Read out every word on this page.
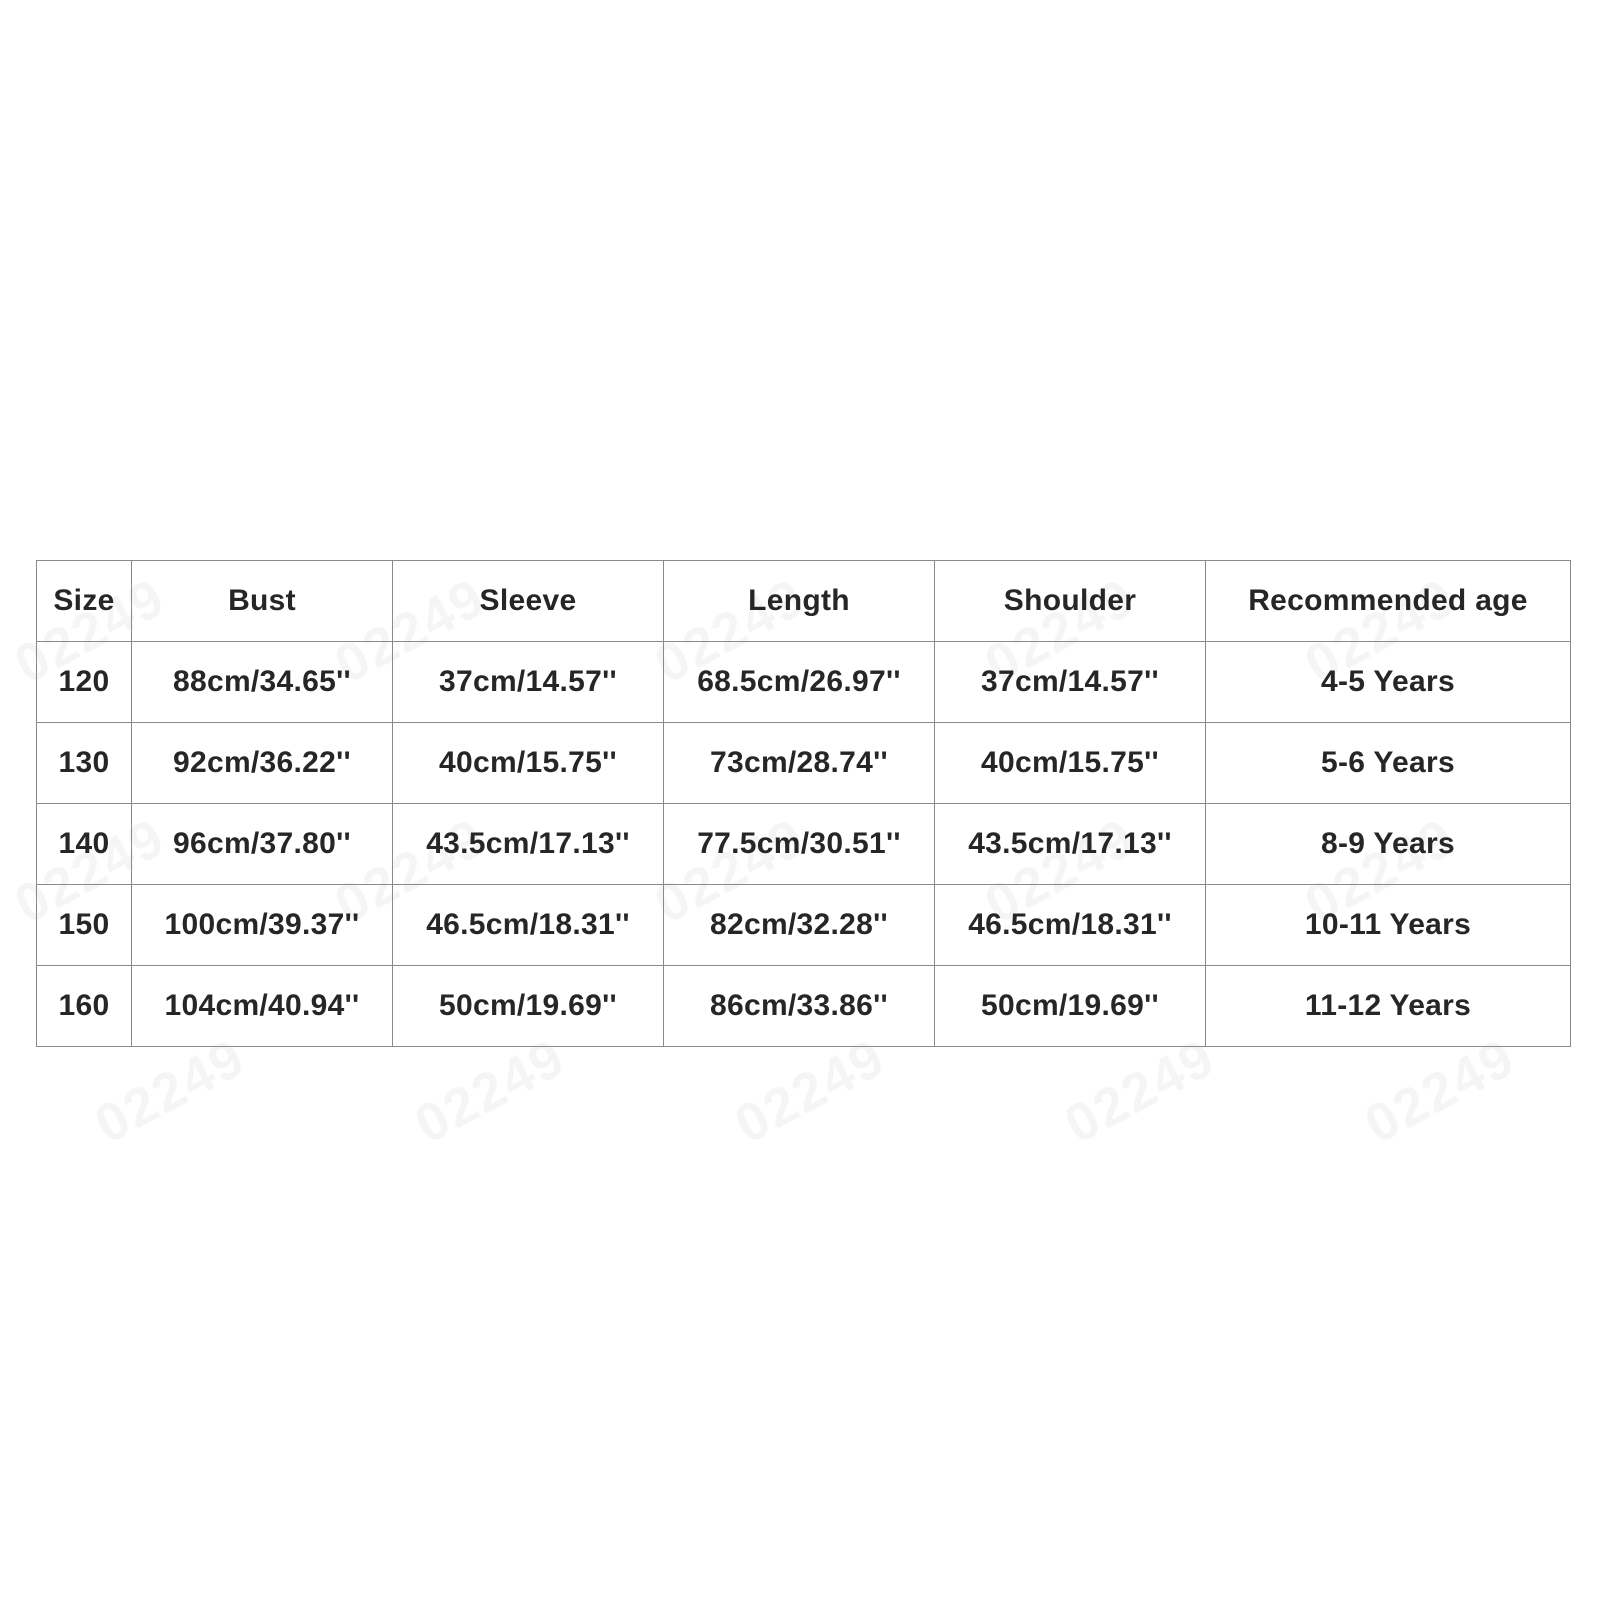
Size	Bust	Sleeve	Length	Shoulder	Recommended age
120	88cm/34.65''	37cm/14.57''	68.5cm/26.97''	37cm/14.57''	4-5 Years
130	92cm/36.22''	40cm/15.75''	73cm/28.74''	40cm/15.75''	5-6 Years
140	96cm/37.80''	43.5cm/17.13''	77.5cm/30.51''	43.5cm/17.13''	8-9 Years
150	100cm/39.37''	46.5cm/18.31''	82cm/32.28''	46.5cm/18.31''	10-11 Years
160	104cm/40.94''	50cm/19.69''	86cm/33.86''	50cm/19.69''	11-12 Years
